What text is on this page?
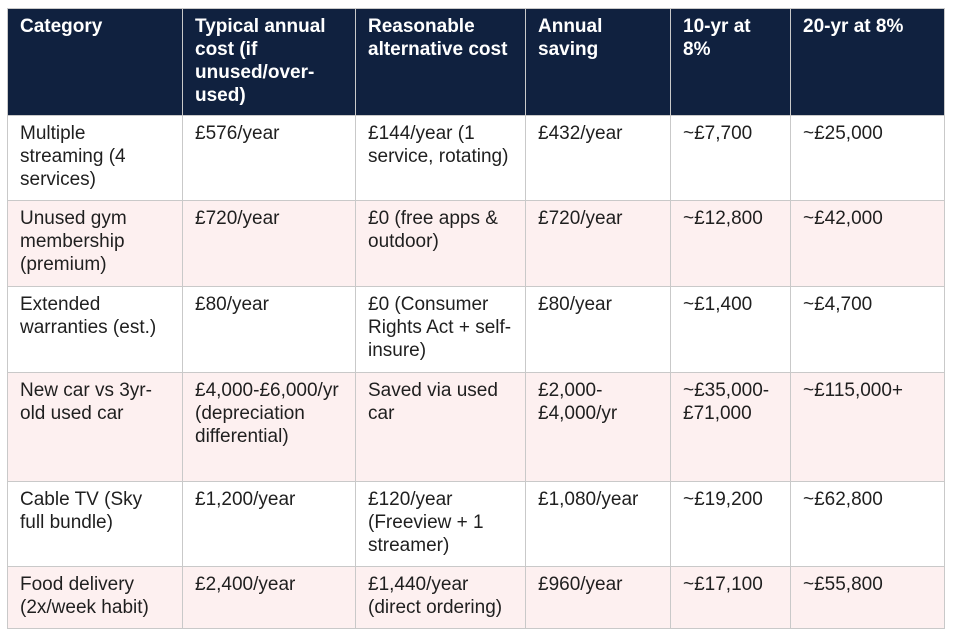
Category	Typical annual cost (if unused/over-used)	Reasonable alternative cost	Annual saving	10-yr at 8%	20-yr at 8%
Multiple streaming (4 services)	£576/year	£144/year (1 service, rotating)	£432/year	~£7,700	~£25,000
Unused gym membership (premium)	£720/year	£0 (free apps & outdoor)	£720/year	~£12,800	~£42,000
Extended warranties (est.)	£80/year	£0 (Consumer Rights Act + self-insure)	£80/year	~£1,400	~£4,700
New car vs 3yr-old used car	£4,000-£6,000/yr (depreciation differential)	Saved via used car	£2,000-£4,000/yr	~£35,000-£71,000	~£115,000+
Cable TV (Sky full bundle)	£1,200/year	£120/year (Freeview + 1 streamer)	£1,080/year	~£19,200	~£62,800
Food delivery (2x/week habit)	£2,400/year	£1,440/year (direct ordering)	£960/year	~£17,100	~£55,800
